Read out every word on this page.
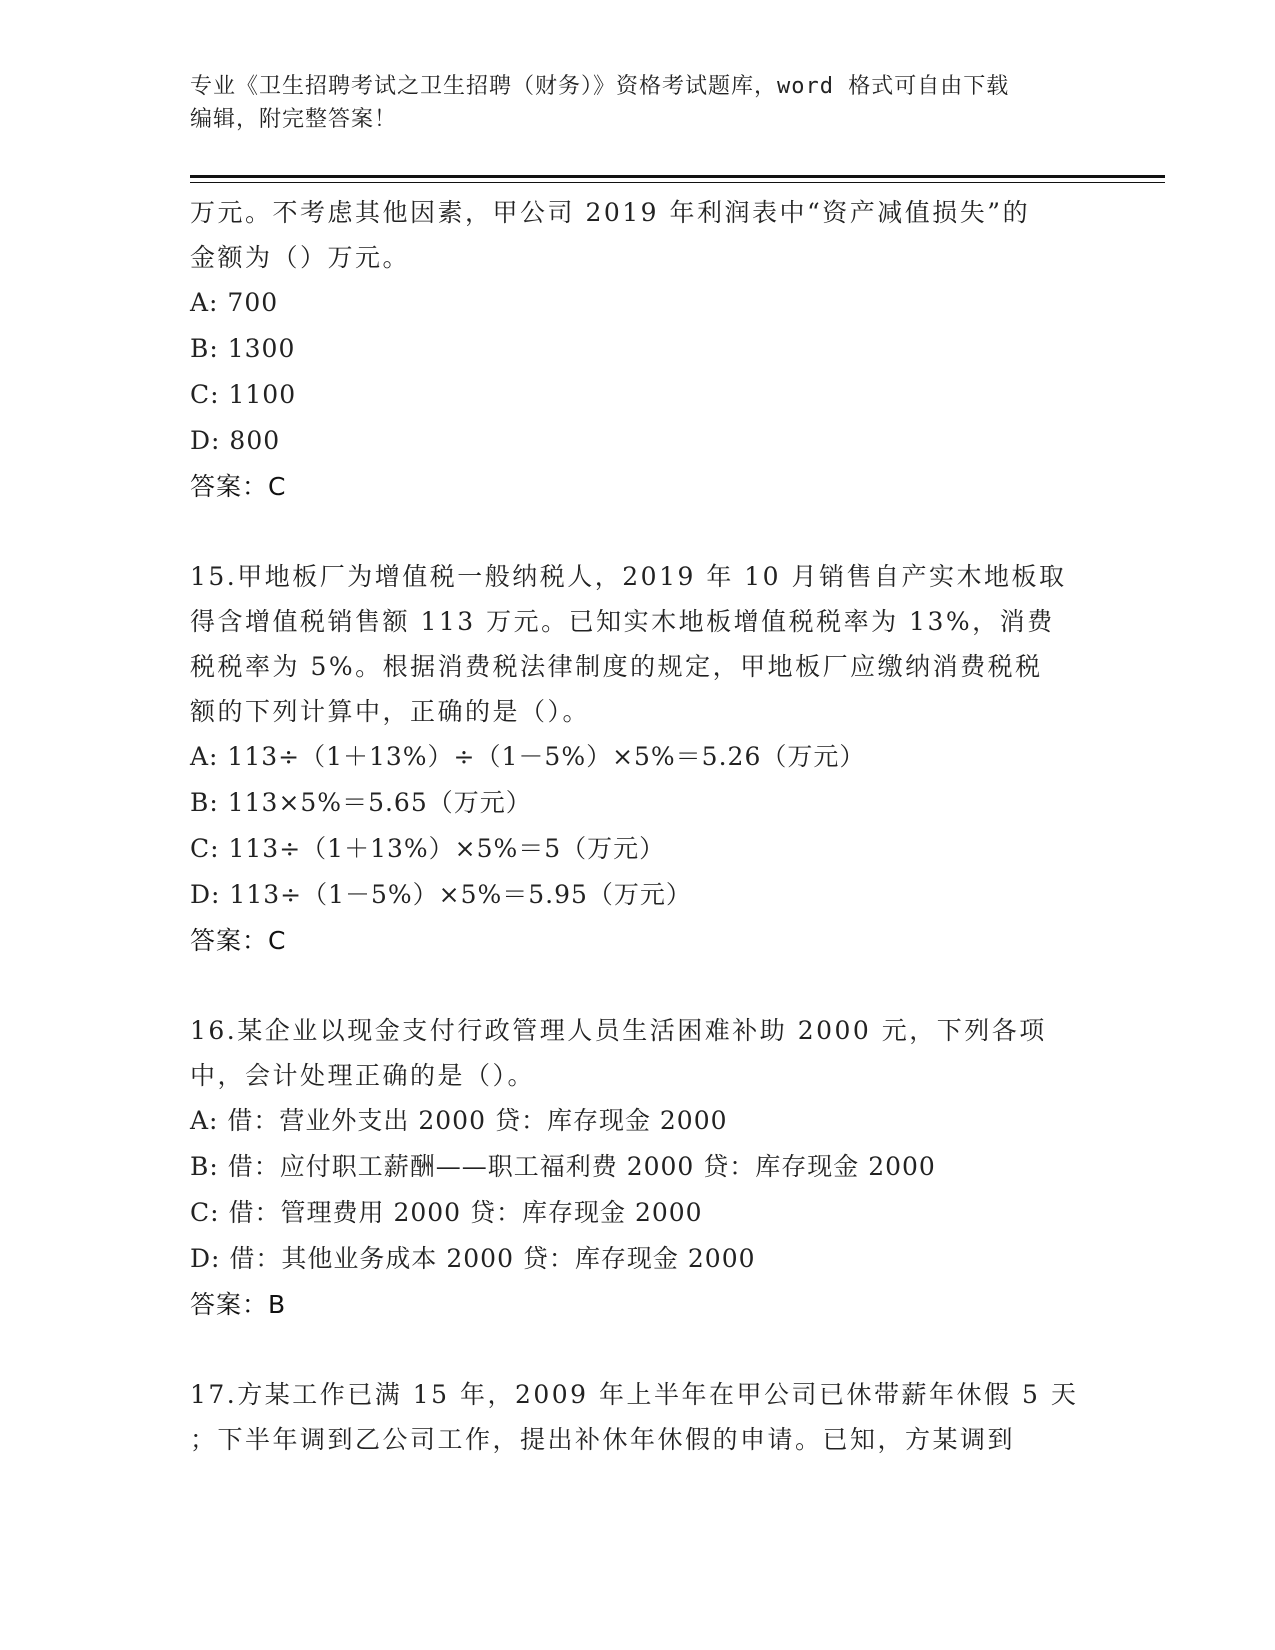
专业《卫生招聘考试之卫生招聘（财务）》资格考试题库，word 格式可自由下载
编辑，附完整答案！
万元。不考虑其他因素，甲公司 2019 年利润表中“资产减值损失”的
金额为（）万元。
A: 700
B: 1300
C: 1100
D: 800
答案：C
15.甲地板厂为增值税一般纳税人，2019 年 10 月销售自产实木地板取
得含增值税销售额 113 万元。已知实木地板增值税税率为 13%，消费
税税率为 5%。根据消费税法律制度的规定，甲地板厂应缴纳消费税税
额的下列计算中，正确的是（）。
A: 113÷（1＋13%）÷（1－5%）×5%＝5.26（万元）
B: 113×5%＝5.65（万元）
C: 113÷（1＋13%）×5%＝5（万元）
D: 113÷（1－5%）×5%＝5.95（万元）
答案：C
16.某企业以现金支付行政管理人员生活困难补助 2000 元，下列各项
中，会计处理正确的是（）。
A: 借：营业外支出 2000 贷：库存现金 2000
B: 借：应付职工薪酬——职工福利费 2000 贷：库存现金 2000
C: 借：管理费用 2000 贷：库存现金 2000
D: 借：其他业务成本 2000 贷：库存现金 2000
答案：B
17.方某工作已满 15 年，2009 年上半年在甲公司已休带薪年休假 5 天
；下半年调到乙公司工作，提出补休年休假的申请。已知，方某调到
